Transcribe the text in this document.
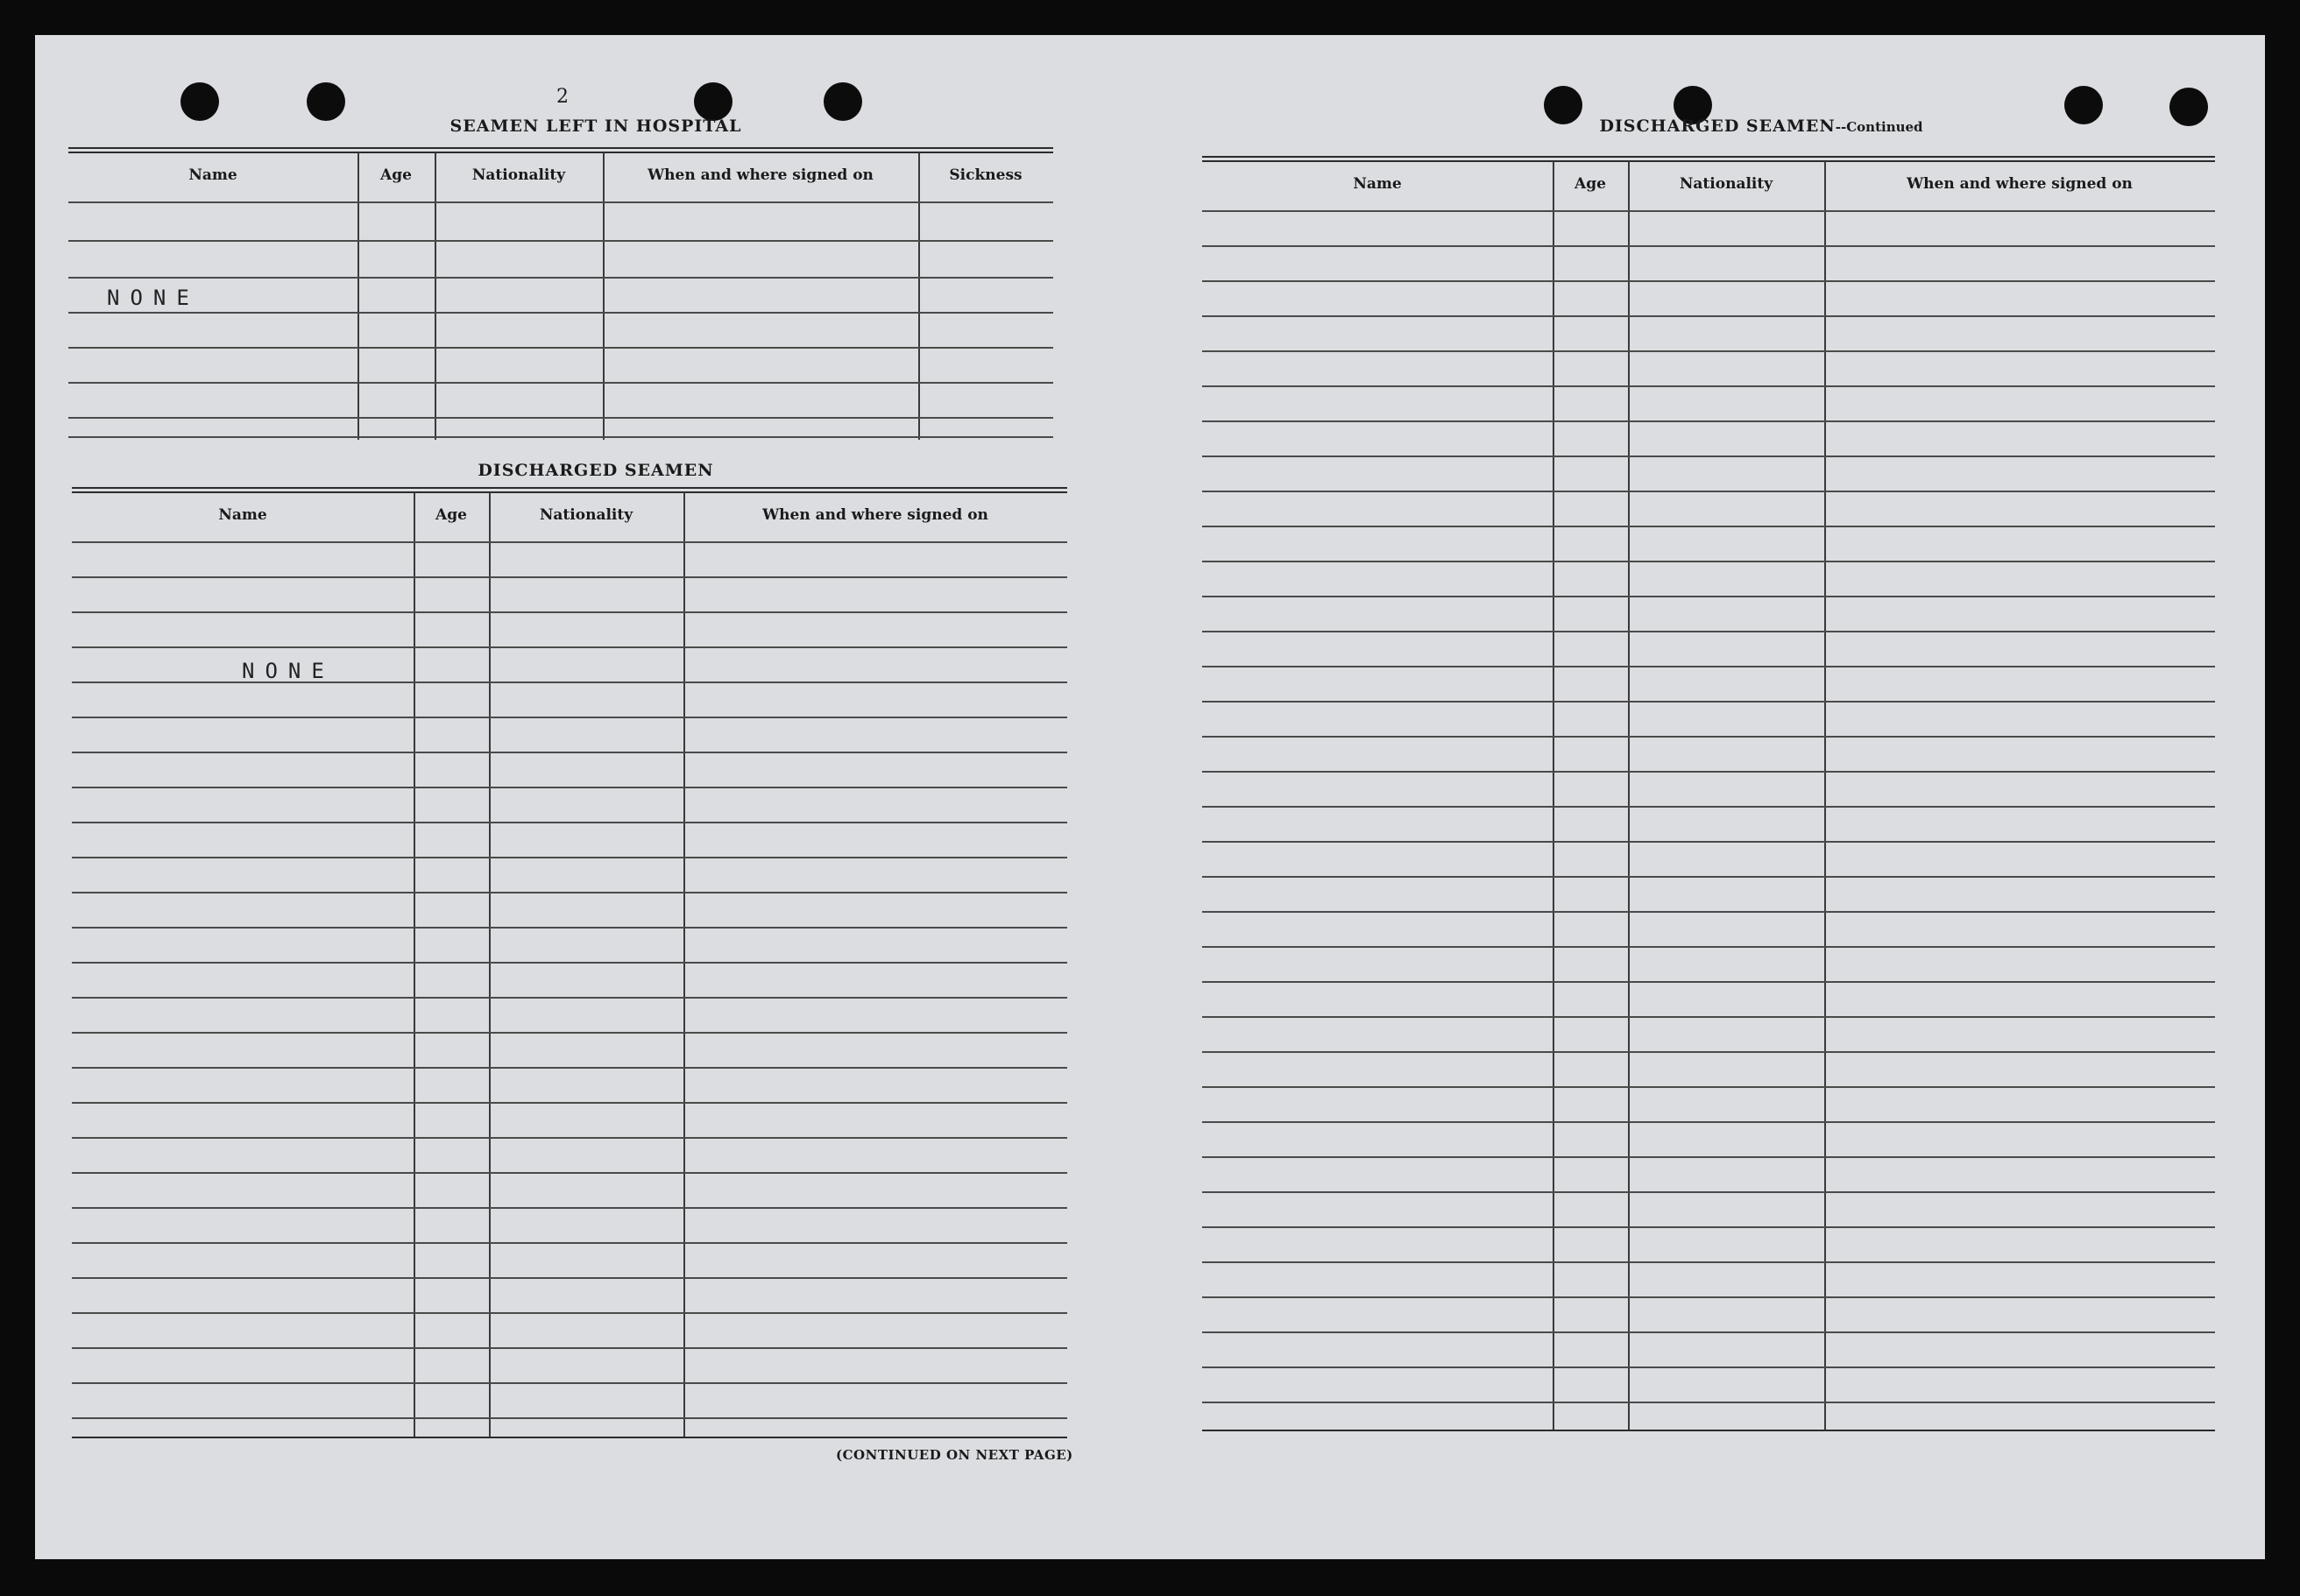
2
SEAMEN LEFT IN HOSPITAL
Name	Age	Nationality	When and where signed on	Sickness
NONE
DISCHARGED SEAMEN
Name	Age	Nationality	When and where signed on
NONE
(CONTINUED ON NEXT PAGE)
DISCHARGED SEAMEN--Continued
Name	Age	Nationality	When and where signed on
